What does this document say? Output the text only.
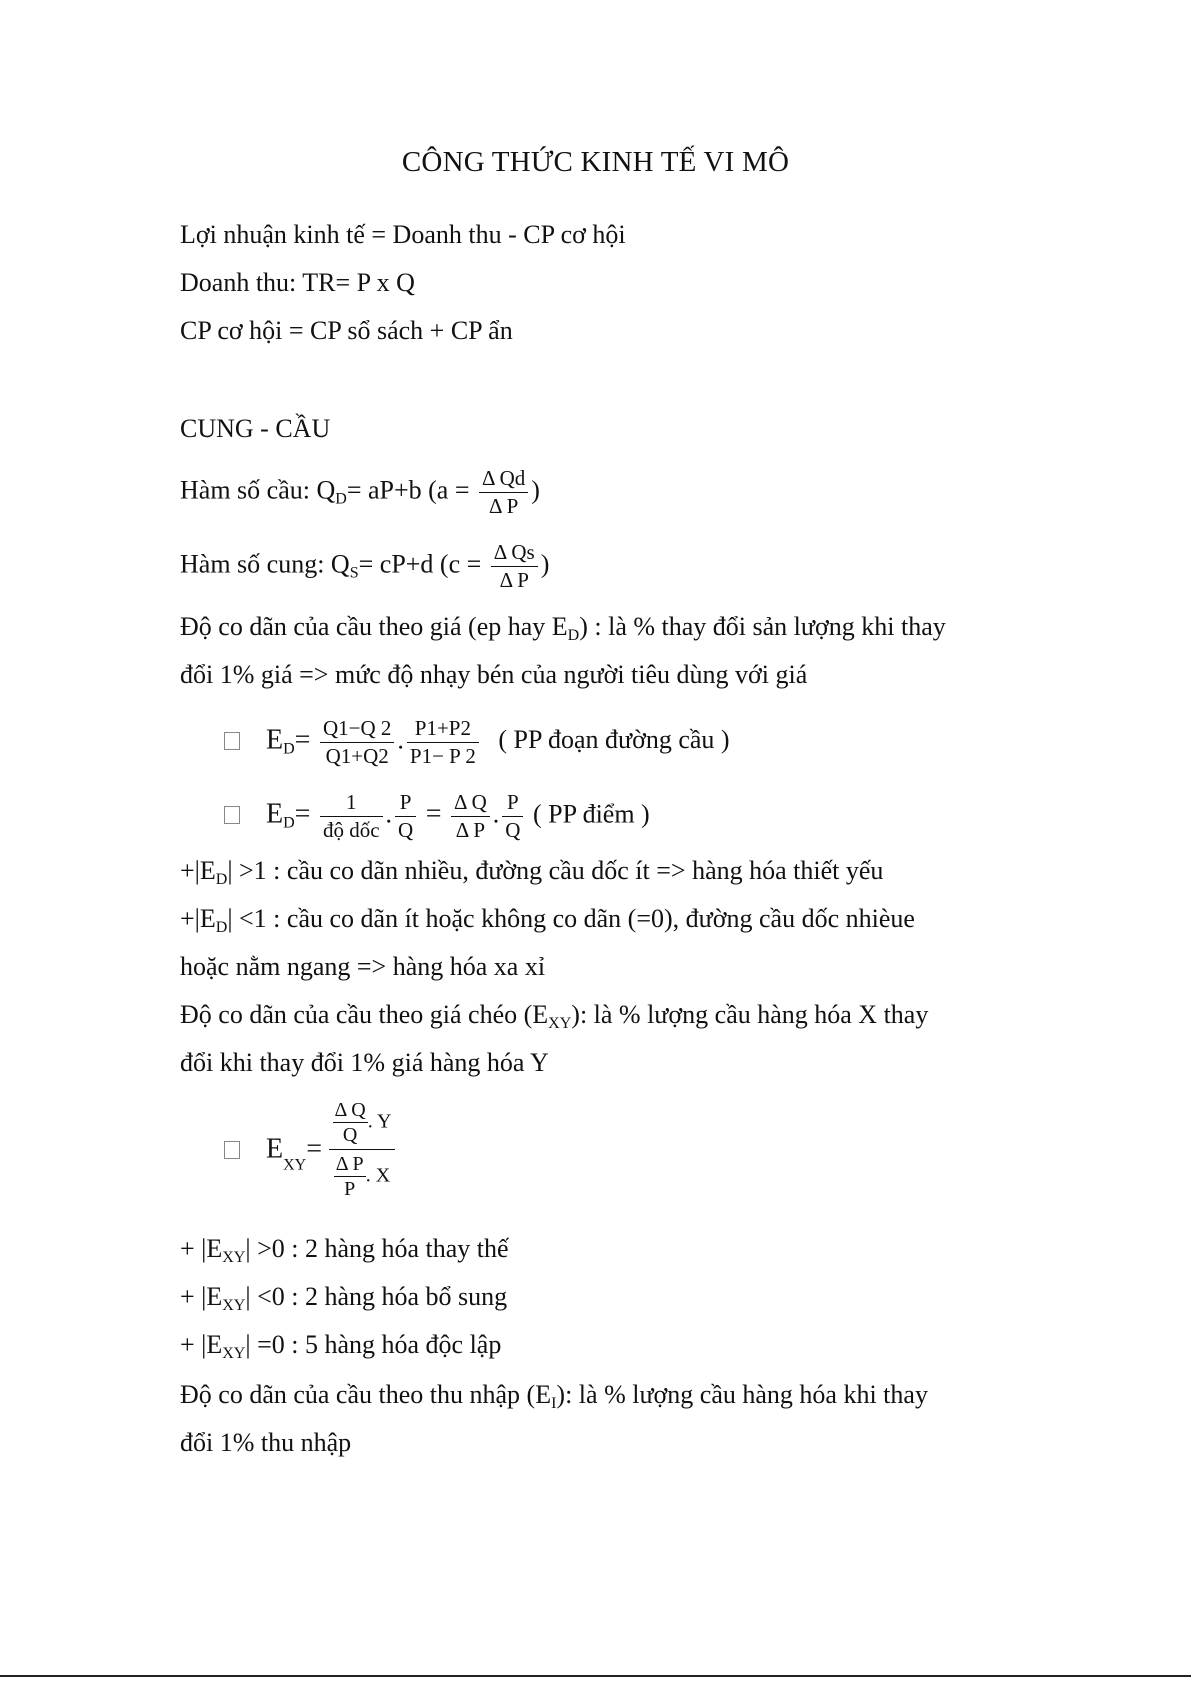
CÔNG THỨC KINH TẾ VI MÔ
Lợi nhuận kinh tế = Doanh thu - CP cơ hội
Doanh thu: TR= P x Q
CP cơ hội = CP sổ sách + CP ẩn
CUNG - CẦU
Hàm số cầu: $Q_D= aP+b$ ($a = \frac{\text{Δ Qd}}{\text{Δ P}}$ )
Hàm số cung: $Q_S= cP+d$ ($c = \frac{\text{Δ Qs}}{\text{Δ P}}$ )
Độ co dãn của cầu theo giá (ep hay $E_D$) : là % thay đổi sản lượng khi thay
đổi 1% giá => mức độ nhạy bén của người tiêu dùng với giá
$E_D= \frac{Q1-Q 2}{Q1+Q2}$ . $\frac{P1+P2}{P1- P 2}$ ( PP đoạn đường cầu )
$E_D= \frac{1}{\text{độ dốc}}$ . $\frac{P}{Q} = \frac{\text{Δ Q}}{\text{Δ P}}$ . $\frac{P}{Q}$ ( PP điểm )
$+|E_D| >1$ : cầu co dãn nhiều, đường cầu dốc ít => hàng hóa thiết yếu
$+|E_D| <1$ : cầu co dãn ít hoặc không co dãn (=0), đường cầu dốc nhièue
hoặc nằm ngang => hàng hóa xa xỉ
Độ co dãn của cầu theo giá chéo $(E_{XY})$: là % lượng cầu hàng hóa X thay
đổi khi thay đổi 1% giá hàng hóa Y
$E_{XY}= \frac{\frac{\text{Δ Q}}{Q} . Y}{\frac{\text{Δ P}}{P} . X}$
+ $|E_{XY}| >0$ : 2 hàng hóa thay thế
+ $|E_{XY}| <0$ : 2 hàng hóa bổ sung
+ $|E_{XY}| =0$ : 5 hàng hóa độc lập
Độ co dãn của cầu theo thu nhập $(E_I)$: là % lượng cầu hàng hóa khi thay
đổi 1% thu nhập
